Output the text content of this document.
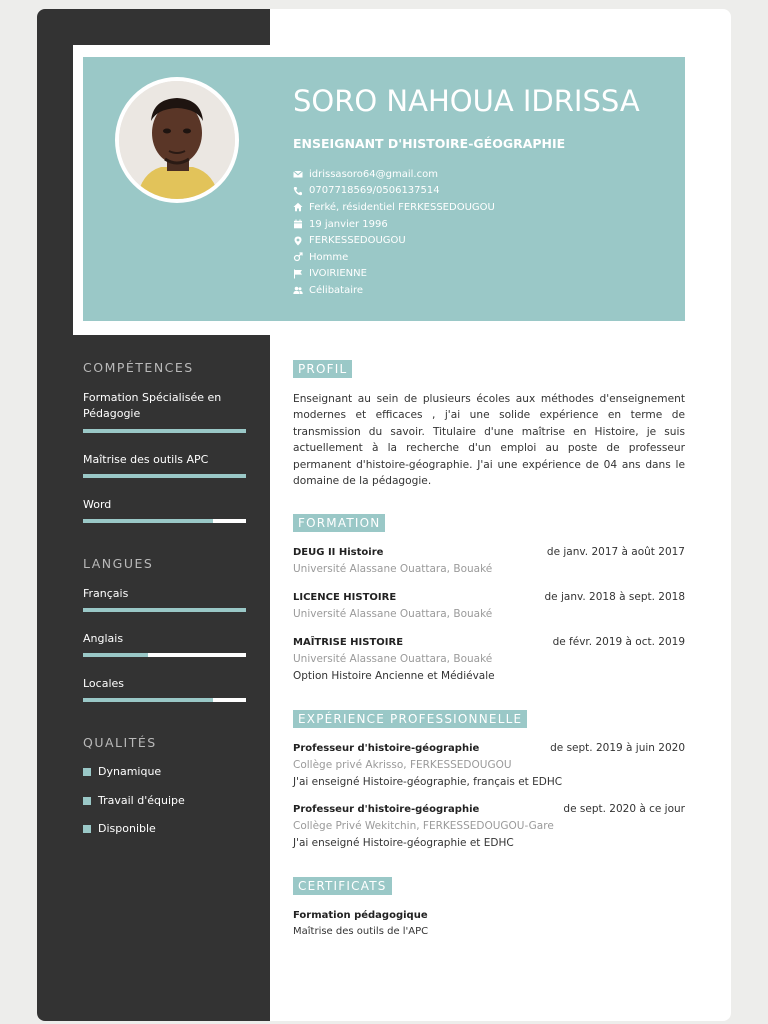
COMPÉTENCES
Formation Spécialisée en Pédagogie
Maîtrise des outils APC
Word
LANGUES
Français
Anglais
Locales
QUALITÉS
Dynamique
Travail d'équipe
Disponible
SORO NAHOUA IDRISSA
ENSEIGNANT D'HISTOIRE-GÉOGRAPHIE
idrissasoro64@gmail.com
0707718569/0506137514
Ferké, résidentiel FERKESSEDOUGOU
19 janvier 1996
FERKESSEDOUGOU
Homme
IVOIRIENNE
Célibataire
PROFIL
Enseignant au sein de plusieurs écoles aux méthodes d'enseignement modernes et efficaces , j'ai une solide expérience en terme de transmission du savoir. Titulaire d'une maîtrise en Histoire, je suis actuellement à la recherche d'un emploi au poste de professeur permanent d'histoire-géographie. J'ai une expérience de 04 ans dans le domaine de la pédagogie.
FORMATION
DEUG II Histoire	de janv. 2017 à août 2017
Université Alassane Ouattara, Bouaké
LICENCE HISTOIRE	de janv. 2018 à sept. 2018
Université Alassane Ouattara, Bouaké
MAÎTRISE HISTOIRE	de févr. 2019 à oct. 2019
Université Alassane Ouattara, Bouaké
Option Histoire Ancienne et Médiévale
EXPÉRIENCE PROFESSIONNELLE
Professeur d'histoire-géographie	de sept. 2019 à juin 2020
Collège privé Akrisso, FERKESSEDOUGOU
J'ai enseigné Histoire-géographie, français et EDHC
Professeur d'histoire-géographie	de sept. 2020 à ce jour
Collège Privé Wekitchin, FERKESSEDOUGOU-Gare
J'ai enseigné Histoire-géographie et EDHC
CERTIFICATS
Formation pédagogique
Maîtrise des outils de l'APC
